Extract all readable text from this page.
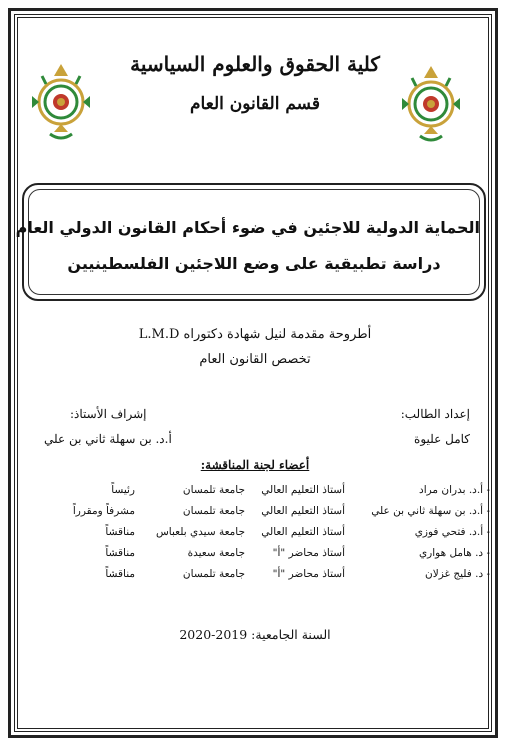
كلية الحقوق والعلوم السياسية
قسم القانون العام
الحماية الدولية للاجئين في ضوء أحكام القانون الدولي العام
دراسة تطبيقية على وضع اللاجئين الفلسطينيين
أطروحة مقدمة لنيل شهادة دكتوراه L.M.D
تخصص القانون العام
إعداد الطالب:
كامل عليوة
إشراف الأستاذ:
أ.د. بن سهلة ثاني بن علي
أعضاء لجنة المناقشة:
- أ.د. بدران مراد
أستاذ التعليم العالي
جامعة تلمسان
رئيساً
- أ.د. بن سهلة ثاني بن علي
أستاذ التعليم العالي
جامعة تلمسان
مشرفاً ومقرراً
- أ.د. فتحي فوزي
أستاذ التعليم العالي
جامعة سيدي بلعباس
مناقشاً
- د. هامل هواري
أستاذ محاضر "أ"
جامعة سعيدة
مناقشاً
- د. فليج غزلان
أستاذ محاضر "أ"
جامعة تلمسان
مناقشاً
السنة الجامعية: 2019-2020
